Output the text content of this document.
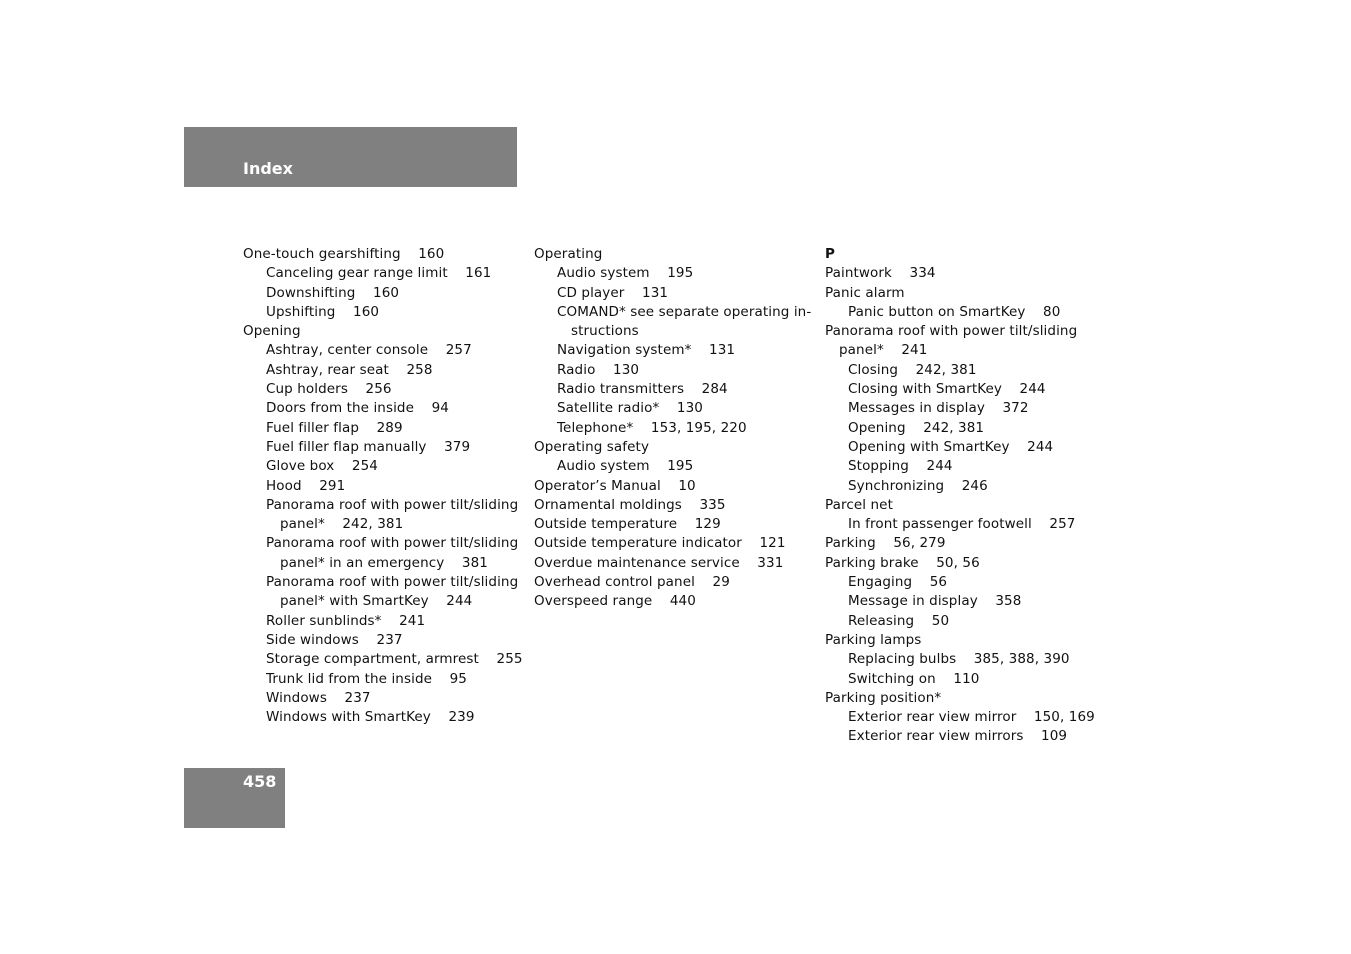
Index
One-touch gearshifting    160
Canceling gear range limit    161
Downshifting    160
Upshifting    160
Opening
Ashtray, center console    257
Ashtray, rear seat    258
Cup holders    256
Doors from the inside    94
Fuel filler flap    289
Fuel filler flap manually    379
Glove box    254
Hood    291
Panorama roof with power tilt/sliding
panel*    242, 381
Panorama roof with power tilt/sliding
panel* in an emergency    381
Panorama roof with power tilt/sliding
panel* with SmartKey    244
Roller sunblinds*    241
Side windows    237
Storage compartment, armrest    255
Trunk lid from the inside    95
Windows    237
Windows with SmartKey    239
Operating
Audio system    195
CD player    131
COMAND* see separate operating in-
structions
Navigation system*    131
Radio    130
Radio transmitters    284
Satellite radio*    130
Telephone*    153, 195, 220
Operating safety
Audio system    195
Operator’s Manual    10
Ornamental moldings    335
Outside temperature    129
Outside temperature indicator    121
Overdue maintenance service    331
Overhead control panel    29
Overspeed range    440
P
Paintwork    334
Panic alarm
Panic button on SmartKey    80
Panorama roof with power tilt/sliding
panel*    241
Closing    242, 381
Closing with SmartKey    244
Messages in display    372
Opening    242, 381
Opening with SmartKey    244
Stopping    244
Synchronizing    246
Parcel net
In front passenger footwell    257
Parking    56, 279
Parking brake    50, 56
Engaging    56
Message in display    358
Releasing    50
Parking lamps
Replacing bulbs    385, 388, 390
Switching on    110
Parking position*
Exterior rear view mirror    150, 169
Exterior rear view mirrors    109
458
